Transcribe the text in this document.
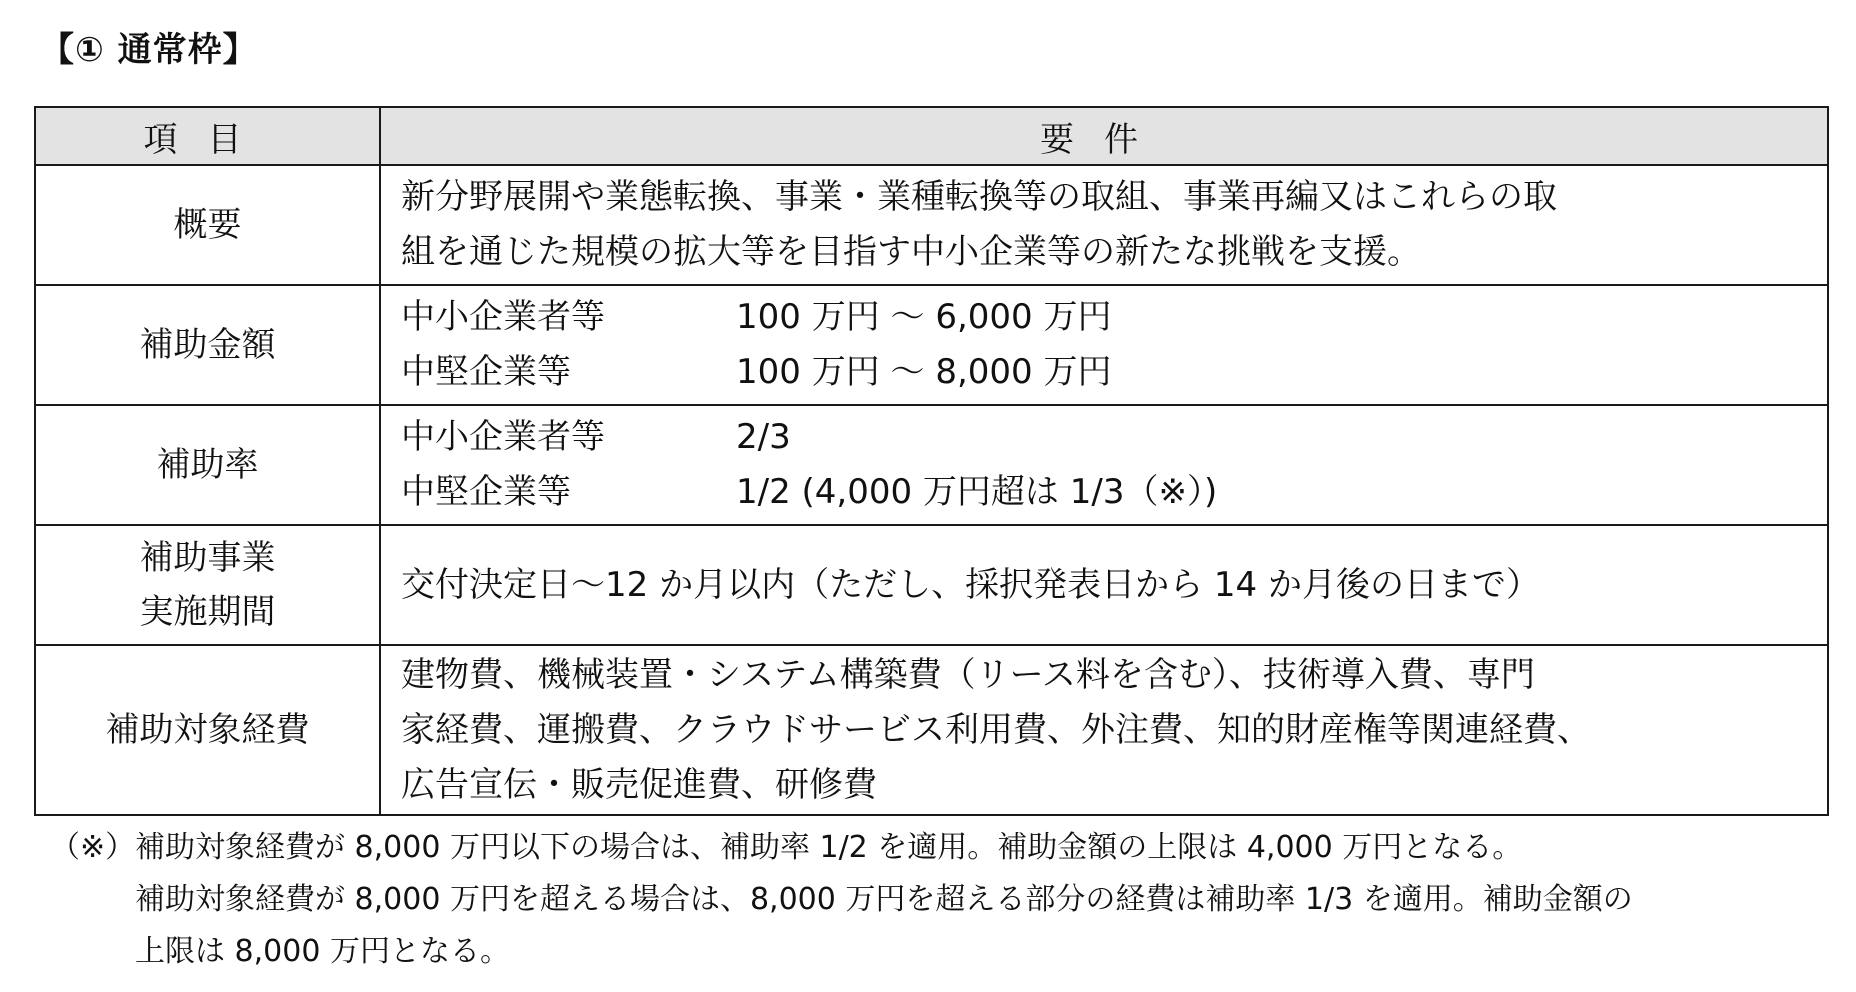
【① 通常枠】
項目	要件

概要	新分野展開や業態転換、事業・業種転換等の取組、事業再編又はこれらの取
組を通じた規模の拡大等を目指す中小企業等の新たな挑戦を支援。

補助金額	中小企業者等 100 万円 ～ 6,000 万円
中堅企業等 100 万円 ～ 8,000 万円

補助率	中小企業者等 2/3
中堅企業等 1/2 (4,000 万円超は 1/3（※）)

補助事業
実施期間	交付決定日～12 か月以内（ただし、採択発表日から 14 か月後の日まで）

補助対象経費	建物費、機械装置・システム構築費（リース料を含む）、技術導入費、専門
家経費、運搬費、クラウドサービス利用費、外注費、知的財産権等関連経費、
広告宣伝・販売促進費、研修費
（※）補助対象経費が 8,000 万円以下の場合は、補助率 1/2 を適用。補助金額の上限は 4,000 万円となる。
補助対象経費が 8,000 万円を超える場合は、8,000 万円を超える部分の経費は補助率 1/3 を適用。補助金額の
上限は 8,000 万円となる。
